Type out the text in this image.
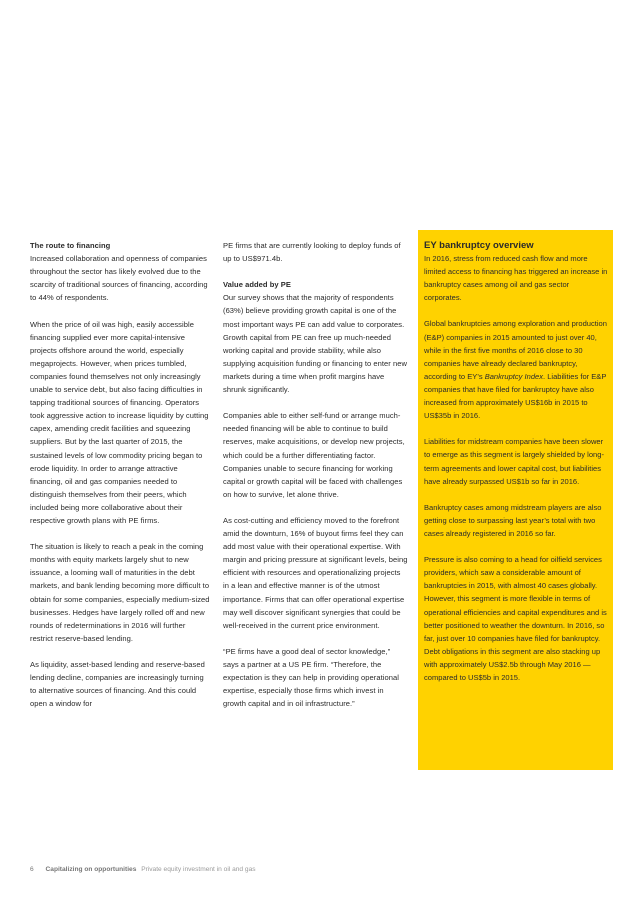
The route to financing

Increased collaboration and openness of companies throughout the sector has likely evolved due to the scarcity of traditional sources of financing, according to 44% of respondents.

When the price of oil was high, easily accessible financing supplied ever more capital-intensive projects offshore around the world, especially megaprojects. However, when prices tumbled, companies found themselves not only increasingly unable to service debt, but also facing difficulties in tapping traditional sources of financing. Operators took aggressive action to increase liquidity by cutting capex, amending credit facilities and squeezing suppliers. But by the last quarter of 2015, the sustained levels of low commodity pricing began to erode liquidity. In order to arrange attractive financing, oil and gas companies needed to distinguish themselves from their peers, which included being more collaborative about their respective growth plans with PE firms.

The situation is likely to reach a peak in the coming months with equity markets largely shut to new issuance, a looming wall of maturities in the debt markets, and bank lending becoming more difficult to obtain for some companies, especially medium-sized businesses. Hedges have largely rolled off and new rounds of redeterminations in 2016 will further restrict reserve-based lending.

As liquidity, asset-based lending and reserve-based lending decline, companies are increasingly turning to alternative sources of financing. And this could open a window for

PE firms that are currently looking to deploy funds of up to US$971.4b.

Value added by PE

Our survey shows that the majority of respondents (63%) believe providing growth capital is one of the most important ways PE can add value to corporates. Growth capital from PE can free up much-needed working capital and provide stability, while also supplying acquisition funding or financing to enter new markets during a time when profit margins have shrunk significantly.

Companies able to either self-fund or arrange much-needed financing will be able to continue to build reserves, make acquisitions, or develop new projects, which could be a further differentiating factor. Companies unable to secure financing for working capital or growth capital will be faced with challenges on how to survive, let alone thrive.

As cost-cutting and efficiency moved to the forefront amid the downturn, 16% of buyout firms feel they can add most value with their operational expertise. With margin and pricing pressure at significant levels, being efficient with resources and operationalizing projects in a lean and effective manner is of the utmost importance. Firms that can offer operational expertise may well discover significant synergies that could be well-received in the current price environment.

“PE firms have a good deal of sector knowledge,” says a partner at a US PE firm. “Therefore, the expectation is they can help in providing operational expertise, especially those firms which invest in growth capital and in oil infrastructure.”

EY bankruptcy overview

In 2016, stress from reduced cash flow and more limited access to financing has triggered an increase in bankruptcy cases among oil and gas sector corporates.

Global bankruptcies among exploration and production (E&P) companies in 2015 amounted to just over 40, while in the first five months of 2016 close to 30 companies have already declared bankruptcy, according to EY’s Bankruptcy Index. Liabilities for E&P companies that have filed for bankruptcy have also increased from approximately US$16b in 2015 to US$35b in 2016.

Liabilities for midstream companies have been slower to emerge as this segment is largely shielded by long-term agreements and lower capital cost, but liabilities have already surpassed US$1b so far in 2016.

Bankruptcy cases among midstream players are also getting close to surpassing last year’s total with two cases already registered in 2016 so far.

Pressure is also coming to a head for oilfield services providers, which saw a considerable amount of bankruptcies in 2015, with almost 40 cases globally. However, this segment is more flexible in terms of operational efficiencies and capital expenditures and is better positioned to weather the downturn. In 2016, so far, just over 10 companies have filed for bankruptcy. Debt obligations in this segment are also stacking up with approximately US$2.5b through May 2016 — compared to US$5b in 2015.

6 Capitalizing on opportunities Private equity investment in oil and gas
